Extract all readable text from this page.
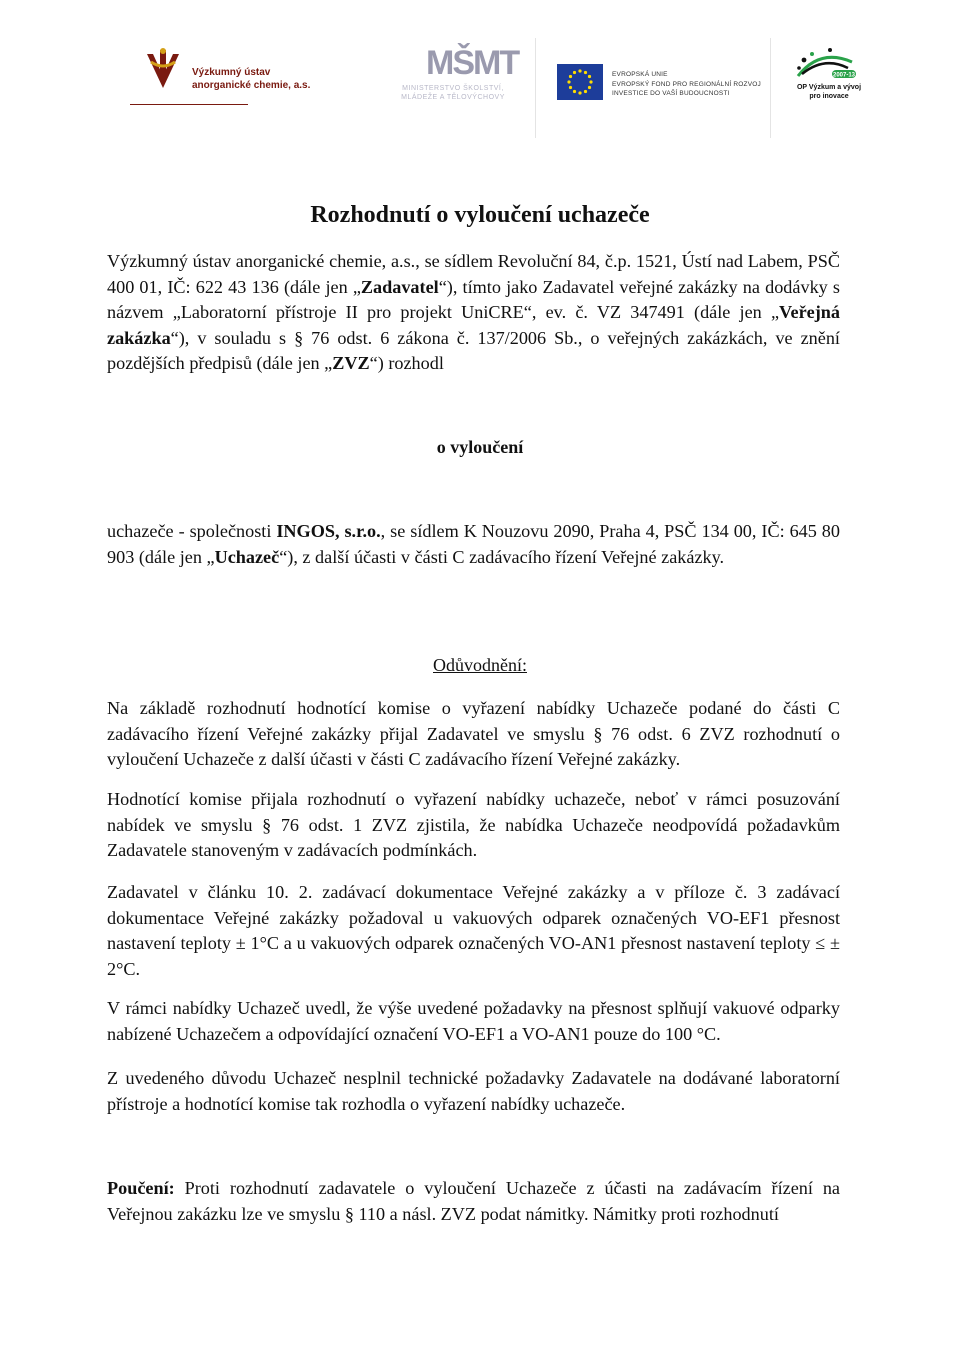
Výzkumný ústav
anorganické chemie, a.s.
MŠMT
MINISTERSTVO ŠKOLSTVÍ,
MLÁDEŽE A TĚLOVÝCHOVY
EVROPSKÁ UNIE
EVROPSKÝ FOND PRO REGIONÁLNÍ ROZVOJ
INVESTICE DO VAŠÍ BUDOUCNOSTI
2007-13
OP Výzkum a vývoj
pro inovace
Rozhodnutí o vyloučení uchazeče

Výzkumný ústav anorganické chemie, a.s., se sídlem Revoluční 84, č.p. 1521, Ústí nad Labem, PSČ 400 01, IČ: 622 43 136 (dále jen „Zadavatel“), tímto jako Zadavatel veřejné zakázky na dodávky s názvem „Laboratorní přístroje II pro projekt UniCRE“, ev. č. VZ 347491 (dále jen „Veřejná zakázka“), v souladu s § 76 odst. 6 zákona č. 137/2006 Sb., o veřejných zakázkách, ve znění pozdějších předpisů (dále jen „ZVZ“) rozhodl

o vyloučení

uchazeče - společnosti INGOS, s.r.o., se sídlem K Nouzovu 2090, Praha 4, PSČ 134 00, IČ: 645 80 903 (dále jen „Uchazeč“), z další účasti v části C zadávacího řízení Veřejné zakázky.

Odůvodnění:

Na základě rozhodnutí hodnotící komise o vyřazení nabídky Uchazeče podané do části C zadávacího řízení Veřejné zakázky přijal Zadavatel ve smyslu § 76 odst. 6 ZVZ rozhodnutí o vyloučení Uchazeče z další účasti v části C zadávacího řízení Veřejné zakázky.

Hodnotící komise přijala rozhodnutí o vyřazení nabídky uchazeče, neboť v rámci posuzování nabídek ve smyslu § 76 odst. 1 ZVZ zjistila, že nabídka Uchazeče neodpovídá požadavkům Zadavatele stanoveným v zadávacích podmínkách.

Zadavatel v článku 10. 2. zadávací dokumentace Veřejné zakázky a v příloze č. 3 zadávací dokumentace Veřejné zakázky požadoval u vakuových odparek označených VO-EF1 přesnost nastavení teploty ± 1°C a u vakuových odparek označených VO-AN1 přesnost nastavení teploty ≤ ± 2°C.

V rámci nabídky Uchazeč uvedl, že výše uvedené požadavky na přesnost splňují vakuové odparky nabízené Uchazečem a odpovídající označení VO-EF1 a VO-AN1 pouze do 100 °C.

Z uvedeného důvodu Uchazeč nesplnil technické požadavky Zadavatele na dodávané laboratorní přístroje a hodnotící komise tak rozhodla o vyřazení nabídky uchazeče.

Poučení: Proti rozhodnutí zadavatele o vyloučení Uchazeče z účasti na zadávacím řízení na Veřejnou zakázku lze ve smyslu § 110 a násl. ZVZ podat námitky. Námitky proti rozhodnutí
